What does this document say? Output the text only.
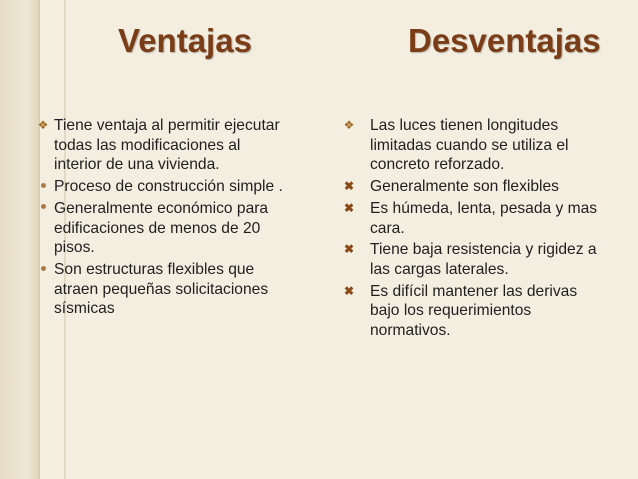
Ventajas	Desventajas
❖ Tiene ventaja al permitir ejecutar todas las modificaciones al interior de una vivienda.
Proceso de construcción simple .
Generalmente económico para edificaciones de menos de 20 pisos.
Son estructuras flexibles que atraen pequeñas solicitaciones sísmicas
❖ Las luces tienen longitudes limitadas cuando se utiliza el concreto reforzado.
✖ Generalmente son flexibles
✖ Es húmeda, lenta, pesada y mas cara.
✖ Tiene baja resistencia y rigidez a las cargas laterales.
✖ Es difícil mantener las derivas bajo los requerimientos normativos.
